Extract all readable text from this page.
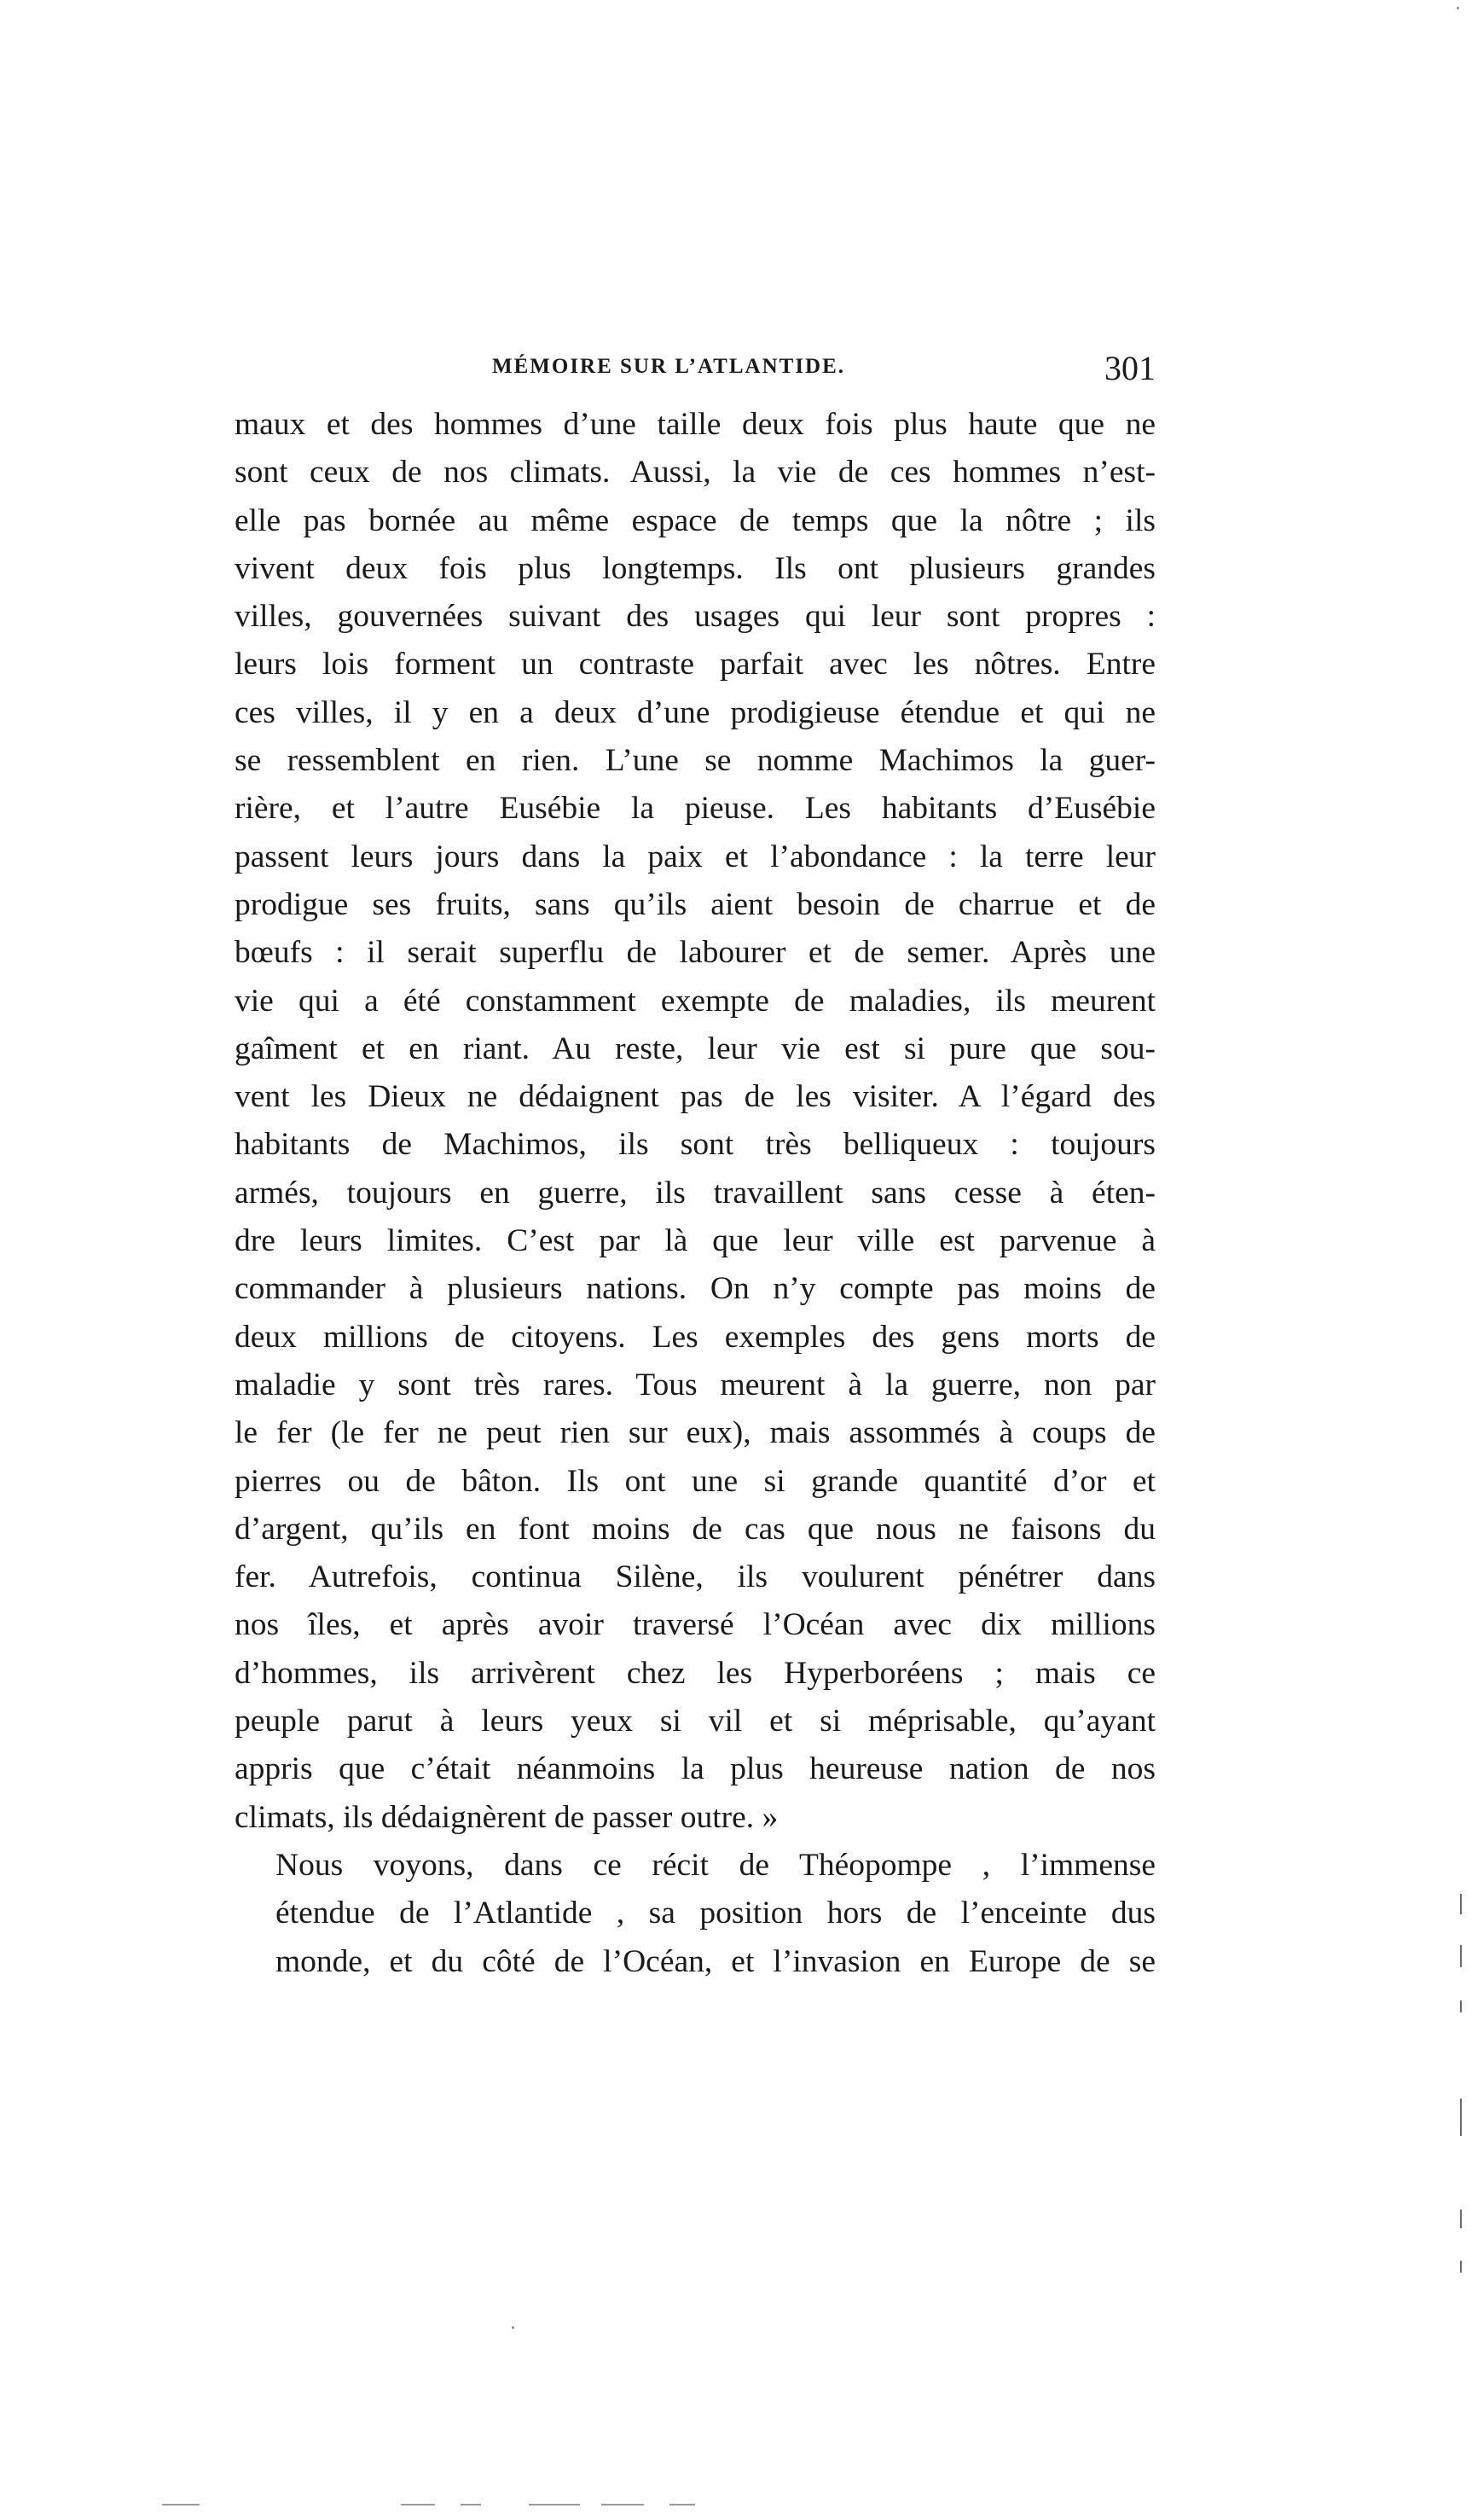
MÉMOIRE SUR L’ATLANTIDE.	301

maux et des hommes d’une taille deux fois plus haute que ne
sont ceux de nos climats. Aussi, la vie de ces hommes n’est-
elle pas bornée au même espace de temps que la nôtre ; ils
vivent deux fois plus longtemps. Ils ont plusieurs grandes
villes, gouvernées suivant des usages qui leur sont propres :
leurs lois forment un contraste parfait avec les nôtres. Entre
ces villes, il y en a deux d’une prodigieuse étendue et qui ne
se ressemblent en rien. L’une se nomme Machimos la guer-
rière, et l’autre Eusébie la pieuse. Les habitants d’Eusébie
passent leurs jours dans la paix et l’abondance : la terre leur
prodigue ses fruits, sans qu’ils aient besoin de charrue et de
bœufs : il serait superflu de labourer et de semer. Après une
vie qui a été constamment exempte de maladies, ils meurent
gaîment et en riant. Au reste, leur vie est si pure que sou-
vent les Dieux ne dédaignent pas de les visiter. A l’égard des
habitants de Machimos, ils sont très belliqueux : toujours
armés, toujours en guerre, ils travaillent sans cesse à éten-
dre leurs limites. C’est par là que leur ville est parvenue à
commander à plusieurs nations. On n’y compte pas moins de
deux millions de citoyens. Les exemples des gens morts de
maladie y sont très rares. Tous meurent à la guerre, non par
le fer (le fer ne peut rien sur eux), mais assommés à coups de
pierres ou de bâton. Ils ont une si grande quantité d’or et
d’argent, qu’ils en font moins de cas que nous ne faisons du
fer. Autrefois, continua Silène, ils voulurent pénétrer dans
nos îles, et après avoir traversé l’Océan avec dix millions
d’hommes, ils arrivèrent chez les Hyperboréens ; mais ce
peuple parut à leurs yeux si vil et si méprisable, qu’ayant
appris que c’était néanmoins la plus heureuse nation de nos
climats, ils dédaignèrent de passer outre. »

Nous voyons, dans ce récit de Théopompe , l’immense
étendue de l’Atlantide , sa position hors de l’enceinte dus
monde, et du côté de l’Océan, et l’invasion en Europe de se
